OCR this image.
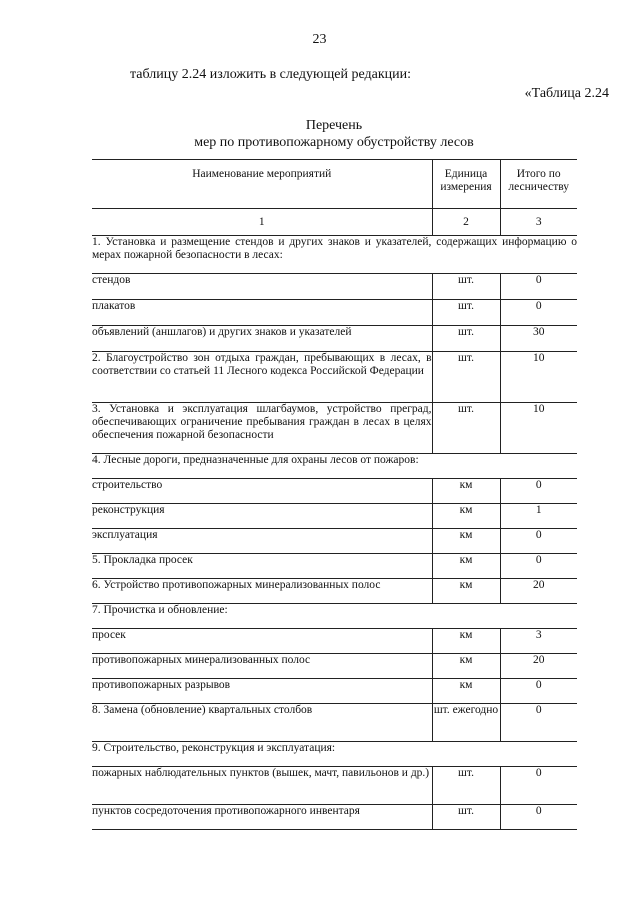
23
таблицу 2.24 изложить в следующей редакции:
«Таблица 2.24
Перечень
мер по противопожарному обустройству лесов
Наименование мероприятий	Единица измерения	Итого по лесничеству
1	2	3
1. Установка и размещение стендов и других знаков и указателей, содержащих информацию о мерах пожарной безопасности в лесах:		
стендов	шт.	0
плакатов	шт.	0
объявлений (аншлагов) и других знаков и указателей	шт.	30
2. Благоустройство зон отдыха граждан, пребывающих в лесах, в соответствии со статьей 11 Лесного кодекса Российской Федерации	шт.	10
3. Установка и эксплуатация шлагбаумов, устройство преград, обеспечивающих ограничение пребывания граждан в лесах в целях обеспечения пожарной безопасности	шт.	10
4. Лесные дороги, предназначенные для охраны лесов от пожаров:		
строительство	км	0
реконструкция	км	1
эксплуатация	км	0
5. Прокладка просек	км	0
6. Устройство противопожарных минерализованных полос	км	20
7. Прочистка и обновление:		
просек	км	3
противопожарных минерализованных полос	км	20
противопожарных разрывов	км	0
8. Замена (обновление) квартальных столбов	шт. ежегодно	0
9. Строительство, реконструкция и эксплуатация:		
пожарных наблюдательных пунктов (вышек, мачт, павильонов и др.)	шт.	0
пунктов сосредоточения противопожарного инвентаря	шт.	0
